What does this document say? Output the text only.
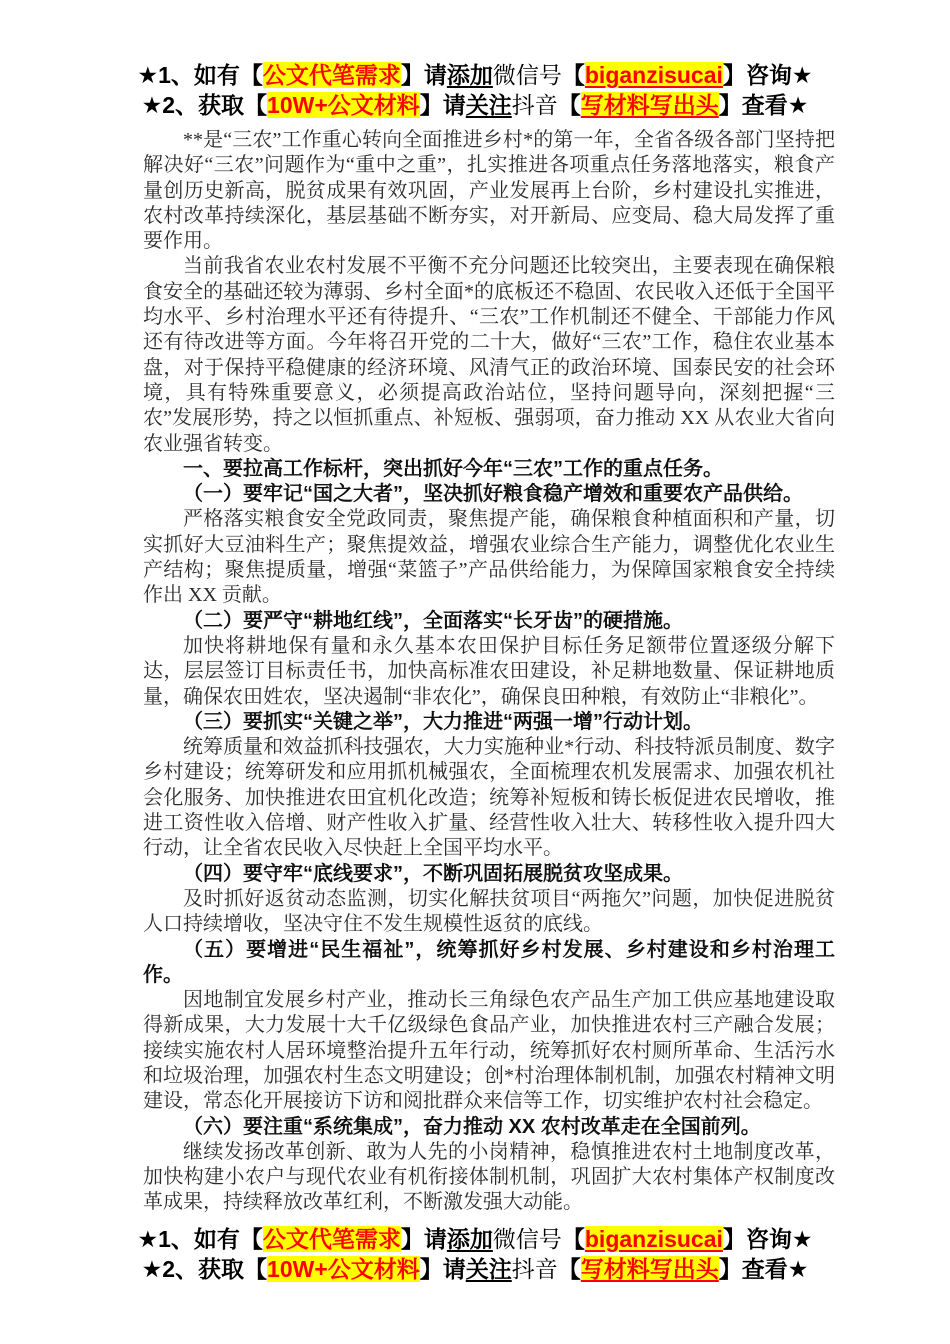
★1、如有【公文代笔需求】请添加微信号【biganzisucai】咨询★
★2、获取【10W+公文材料】请关注抖音【写材料写出头】查看★

**是“三农”工作重心转向全面推进乡村*的第一年，全省各级各部门坚持把解决好“三农”问题作为“重中之重”，扎实推进各项重点任务落地落实，粮食产量创历史新高，脱贫成果有效巩固，产业发展再上台阶，乡村建设扎实推进，农村改革持续深化，基层基础不断夯实，对开新局、应变局、稳大局发挥了重要作用。

当前我省农业农村发展不平衡不充分问题还比较突出，主要表现在确保粮食安全的基础还较为薄弱、乡村全面*的底板还不稳固、农民收入还低于全国平均水平、乡村治理水平还有待提升、“三农”工作机制还不健全、干部能力作风还有待改进等方面。今年将召开党的二十大，做好“三农”工作，稳住农业基本盘，对于保持平稳健康的经济环境、风清气正的政治环境、国泰民安的社会环境，具有特殊重要意义，必须提高政治站位，坚持问题导向，深刻把握“三农”发展形势，持之以恒抓重点、补短板、强弱项，奋力推动 XX 从农业大省向农业强省转变。

一、要拉高工作标杆，突出抓好今年“三农”工作的重点任务。

（一）要牢记“国之大者”，坚决抓好粮食稳产增效和重要农产品供给。

严格落实粮食安全党政同责，聚焦提产能，确保粮食种植面积和产量，切实抓好大豆油料生产；聚焦提效益，增强农业综合生产能力，调整优化农业生产结构；聚焦提质量，增强“菜篮子”产品供给能力，为保障国家粮食安全持续作出 XX 贡献。

（二）要严守“耕地红线”，全面落实“长牙齿”的硬措施。

加快将耕地保有量和永久基本农田保护目标任务足额带位置逐级分解下达，层层签订目标责任书，加快高标准农田建设，补足耕地数量、保证耕地质量，确保农田姓农，坚决遏制“非农化”，确保良田种粮，有效防止“非粮化”。

（三）要抓实“关键之举”，大力推进“两强一增”行动计划。

统筹质量和效益抓科技强农，大力实施种业*行动、科技特派员制度、数字乡村建设；统筹研发和应用抓机械强农，全面梳理农机发展需求、加强农机社会化服务、加快推进农田宜机化改造；统筹补短板和铸长板促进农民增收，推进工资性收入倍增、财产性收入扩量、经营性收入壮大、转移性收入提升四大行动，让全省农民收入尽快赶上全国平均水平。

（四）要守牢“底线要求”，不断巩固拓展脱贫攻坚成果。

及时抓好返贫动态监测，切实化解扶贫项目“两拖欠”问题，加快促进脱贫人口持续增收，坚决守住不发生规模性返贫的底线。

（五）要增进“民生福祉”，统筹抓好乡村发展、乡村建设和乡村治理工作。

因地制宜发展乡村产业，推动长三角绿色农产品生产加工供应基地建设取得新成果，大力发展十大千亿级绿色食品产业，加快推进农村三产融合发展；接续实施农村人居环境整治提升五年行动，统筹抓好农村厕所革命、生活污水和垃圾治理，加强农村生态文明建设；创*村治理体制机制，加强农村精神文明建设，常态化开展接访下访和阅批群众来信等工作，切实维护农村社会稳定。

（六）要注重“系统集成”，奋力推动 XX 农村改革走在全国前列。

继续发扬改革创新、敢为人先的小岗精神，稳慎推进农村土地制度改革，加快构建小农户与现代农业有机衔接体制机制，巩固扩大农村集体产权制度改革成果，持续释放改革红利，不断激发强大动能。

★1、如有【公文代笔需求】请添加微信号【biganzisucai】咨询★
★2、获取【10W+公文材料】请关注抖音【写材料写出头】查看★
